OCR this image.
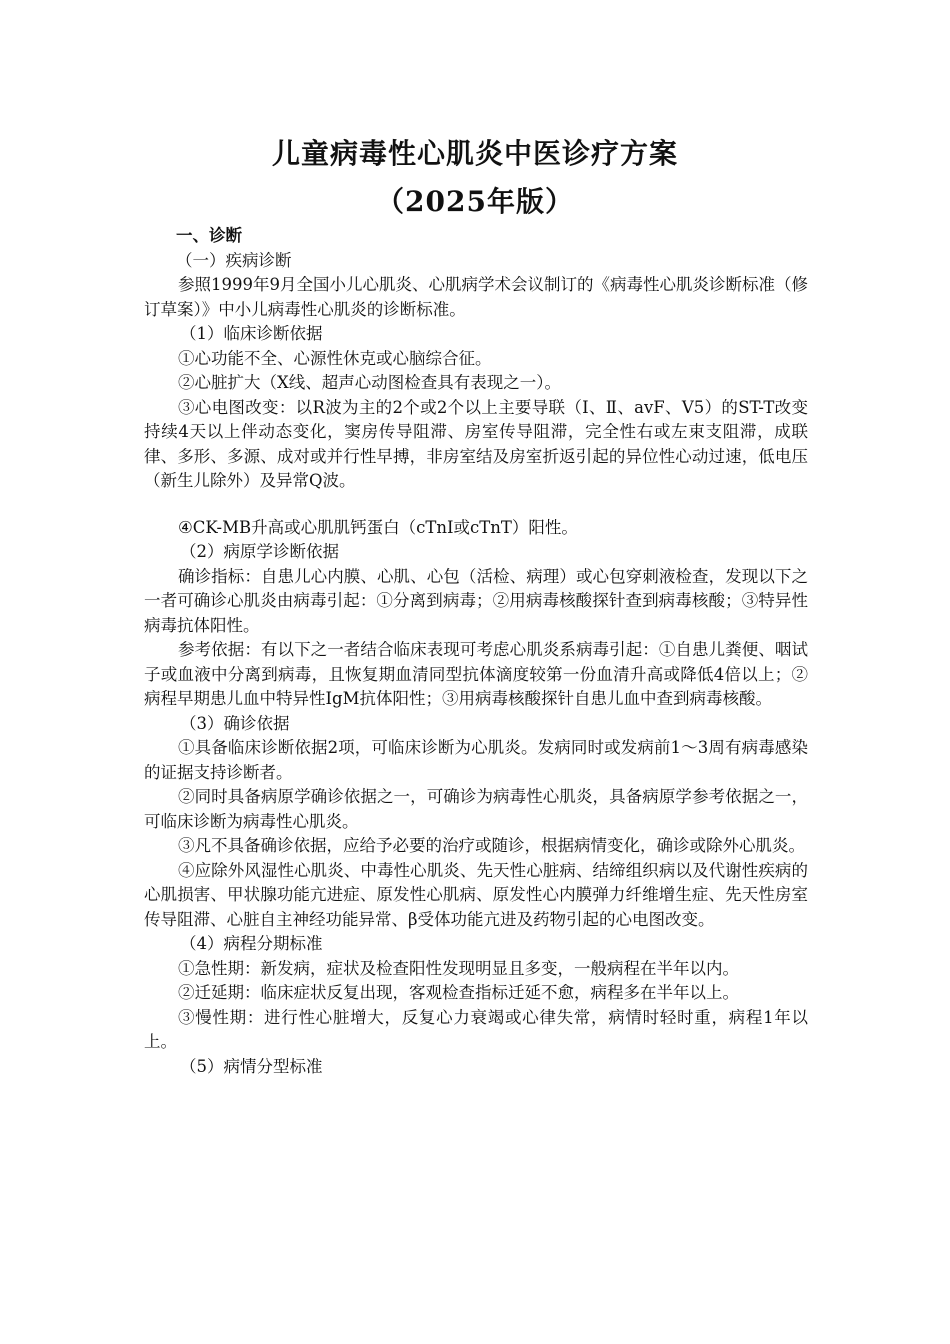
儿童病毒性心肌炎中医诊疗方案
（2025年版）

一、诊断

（一）疾病诊断

参照1999年9月全国小儿心肌炎、心肌病学术会议制订的《病毒性心肌炎诊断标准（修订草案）》中小儿病毒性心肌炎的诊断标准。

（1）临床诊断依据

①心功能不全、心源性休克或心脑综合征。

②心脏扩大（X线、超声心动图检查具有表现之一）。

③心电图改变：以R波为主的2个或2个以上主要导联（Ⅰ、Ⅱ、avF、V5）的ST-T改变持续4天以上伴动态变化，窦房传导阻滞、房室传导阻滞，完全性右或左束支阻滞，成联律、多形、多源、成对或并行性早搏，非房室结及房室折返引起的异位性心动过速，低电压（新生儿除外）及异常Q波。

④CK-MB升高或心肌肌钙蛋白（cTnI或cTnT）阳性。

（2）病原学诊断依据

确诊指标：自患儿心内膜、心肌、心包（活检、病理）或心包穿刺液检查，发现以下之一者可确诊心肌炎由病毒引起：①分离到病毒；②用病毒核酸探针查到病毒核酸；③特异性病毒抗体阳性。

参考依据：有以下之一者结合临床表现可考虑心肌炎系病毒引起：①自患儿粪便、咽试子或血液中分离到病毒，且恢复期血清同型抗体滴度较第一份血清升高或降低4倍以上；②病程早期患儿血中特异性IgM抗体阳性；③用病毒核酸探针自患儿血中查到病毒核酸。

（3）确诊依据

①具备临床诊断依据2项，可临床诊断为心肌炎。发病同时或发病前1～3周有病毒感染的证据支持诊断者。

②同时具备病原学确诊依据之一，可确诊为病毒性心肌炎，具备病原学参考依据之一，可临床诊断为病毒性心肌炎。

③凡不具备确诊依据，应给予必要的治疗或随诊，根据病情变化，确诊或除外心肌炎。

④应除外风湿性心肌炎、中毒性心肌炎、先天性心脏病、结缔组织病以及代谢性疾病的心肌损害、甲状腺功能亢进症、原发性心肌病、原发性心内膜弹力纤维增生症、先天性房室传导阻滞、心脏自主神经功能异常、β受体功能亢进及药物引起的心电图改变。

（4）病程分期标准

①急性期：新发病，症状及检查阳性发现明显且多变，一般病程在半年以内。

②迁延期：临床症状反复出现，客观检查指标迁延不愈，病程多在半年以上。

③慢性期：进行性心脏增大，反复心力衰竭或心律失常，病情时轻时重，病程1年以上。

（5）病情分型标准
